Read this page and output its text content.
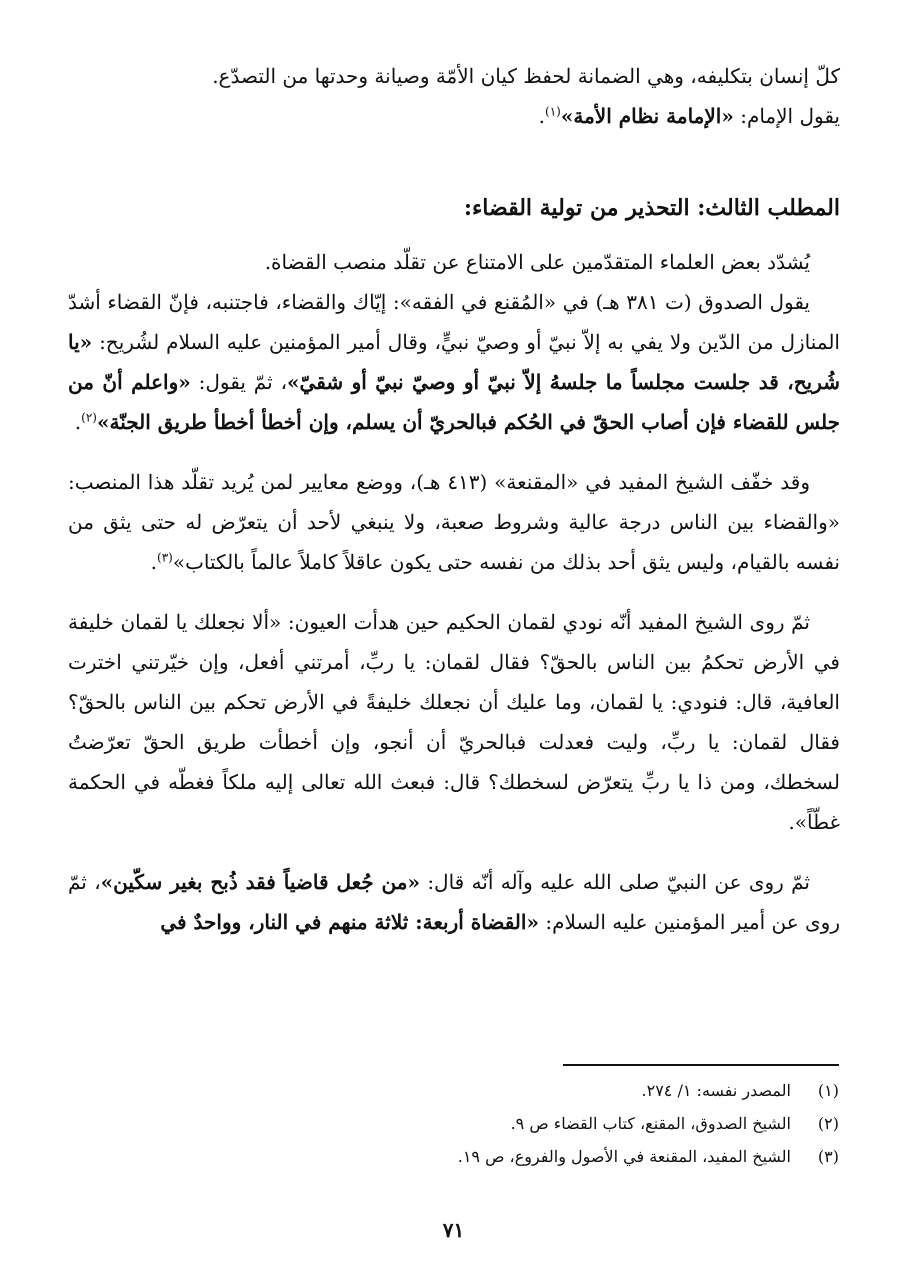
كلّ إنسان بتكليفه، وهي الضمانة لحفظ كيان الأمّة وصيانة وحدتها من التصدّع.

يقول الإمام: «الإمامة نظام الأمة»$^{(١)}$.

المطلب الثالث: التحذير من تولية القضاء:

يُشدّد بعض العلماء المتقدّمين على الامتناع عن تقلّد منصب القضاة.

يقول الصدوق (ت ٣٨١ هـ) في «المُقنع في الفقه»: إيّاك والقضاء، فاجتنبه، فإنّ القضاء أشدّ المنازل من الدّين ولا يفي به إلاّ نبيّ أو وصيّ نبيٍّ، وقال أمير المؤمنين عليه السلام لشُريح: «يا شُريح، قد جلست مجلساً ما جلسهُ إلاّ نبيّ أو وصيّ نبيّ أو شقيّ»، ثمّ يقول: «واعلم أنّ من جلس للقضاء فإن أصاب الحقّ في الحُكم فبالحريّ أن يسلم، وإن أخطأ أخطأ طريق الجنّة»$^{(٢)}$.

وقد خفّف الشيخ المفيد في «المقنعة» (٤١٣ هـ)، ووضع معايير لمن يُريد تقلّد هذا المنصب: «والقضاء بين الناس درجة عالية وشروط صعبة، ولا ينبغي لأحد أن يتعرّض له حتى يثق من نفسه بالقيام، وليس يثق أحد بذلك من نفسه حتى يكون عاقلاً كاملاً عالماً بالكتاب»$^{(٣)}$.

ثمّ روى الشيخ المفيد أنّه نودي لقمان الحكيم حين هدأت العيون: «ألا نجعلك يا لقمان خليفة في الأرض تحكمُ بين الناس بالحقّ؟ فقال لقمان: يا ربِّ، أمرتني أفعل، وإن خيّرتني اخترت العافية، قال: فنودي: يا لقمان، وما عليك أن نجعلك خليفةً في الأرض تحكم بين الناس بالحقّ؟ فقال لقمان: يا ربِّ، وليت فعدلت فبالحريّ أن أنجو، وإن أخطأت طريق الحقّ تعرّضتُ لسخطك، ومن ذا يا ربِّ يتعرّض لسخطك؟ قال: فبعث الله تعالى إليه ملكاً فغطّه في الحكمة غطّاً».

ثمّ روى عن النبيّ صلى الله عليه وآله أنّه قال: «من جُعل قاضياً فقد ذُبح بغير سكّين»، ثمّ روى عن أمير المؤمنين عليه السلام: «القضاة أربعة: ثلاثة منهم في النار، وواحدٌ في

(١)المصدر نفسه: ١/ ٢٧٤.
(٢)الشيخ الصدوق، المقنع، كتاب القضاء ص ٩.
(٣)الشيخ المفيد، المقنعة في الأصول والفروع، ص ١٩.
٧١
